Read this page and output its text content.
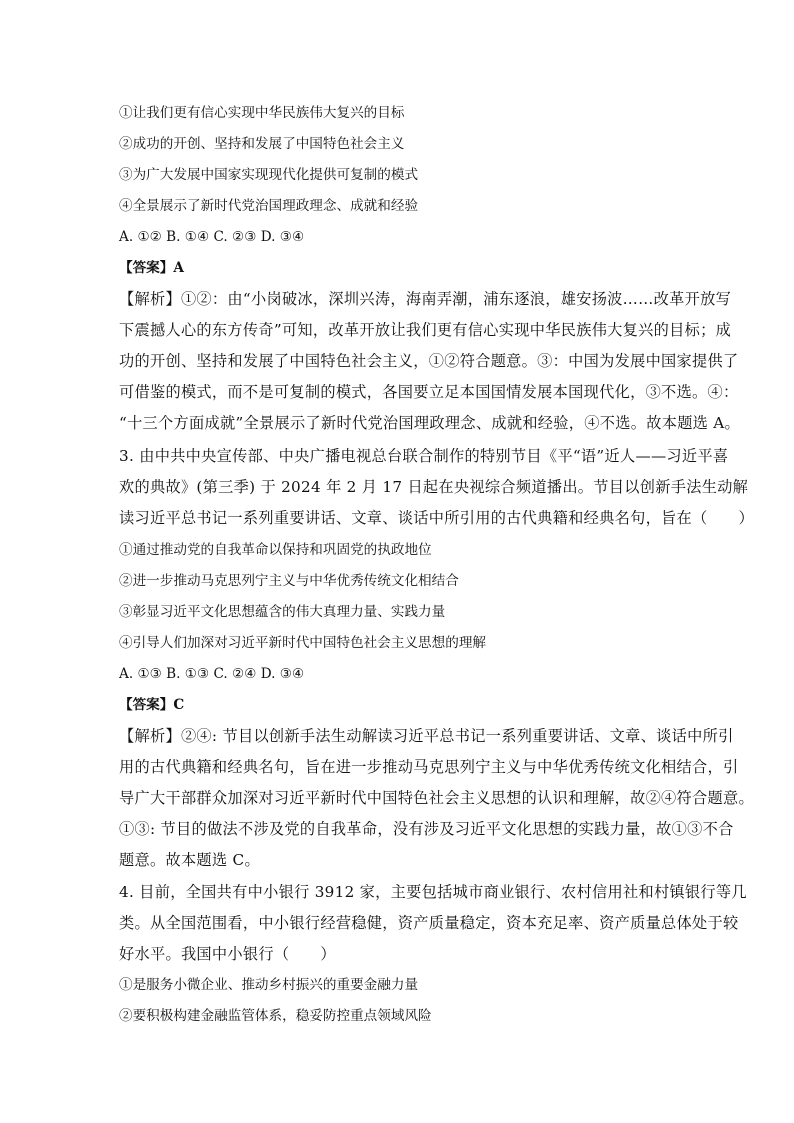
①让我们更有信心实现中华民族伟大复兴的目标
②成功的开创、坚持和发展了中国特色社会主义
③为广大发展中国家实现现代化提供可复制的模式
④全景展示了新时代党治国理政理念、成就和经验
A. ①② B. ①④ C. ②③ D. ③④
【答案】A
【解析】①②：由“小岗破冰，深圳兴涛，海南弄潮，浦东逐浪，雄安扬波……改革开放写
下震撼人心的东方传奇”可知，改革开放让我们更有信心实现中华民族伟大复兴的目标；成
功的开创、坚持和发展了中国特色社会主义，①②符合题意。③：中国为发展中国家提供了
可借鉴的模式，而不是可复制的模式，各国要立足本国国情发展本国现代化，③不选。④：
“十三个方面成就”全景展示了新时代党治国理政理念、成就和经验，④不选。故本题选 A。
3. 由中共中央宣传部、中央广播电视总台联合制作的特别节目《平“语”近人——习近平喜
欢的典故》(第三季) 于 2024 年 2 月 17 日起在央视综合频道播出。节目以创新手法生动解
读习近平总书记一系列重要讲话、文章、谈话中所引用的古代典籍和经典名句，旨在（　　）
①通过推动党的自我革命以保持和巩固党的执政地位
②进一步推动马克思列宁主义与中华优秀传统文化相结合
③彰显习近平文化思想蕴含的伟大真理力量、实践力量
④引导人们加深对习近平新时代中国特色社会主义思想的理解
A. ①③ B. ①③ C. ②④ D. ③④
【答案】C
【解析】②④: 节目以创新手法生动解读习近平总书记一系列重要讲话、文章、谈话中所引
用的古代典籍和经典名句，旨在进一步推动马克思列宁主义与中华优秀传统文化相结合，引
导广大干部群众加深对习近平新时代中国特色社会主义思想的认识和理解，故②④符合题意。
①③: 节目的做法不涉及党的自我革命，没有涉及习近平文化思想的实践力量，故①③不合
题意。故本题选 C。
4. 目前，全国共有中小银行 3912 家，主要包括城市商业银行、农村信用社和村镇银行等几
类。从全国范围看，中小银行经营稳健，资产质量稳定，资本充足率、资产质量总体处于较
好水平。我国中小银行（　　）
①是服务小微企业、推动乡村振兴的重要金融力量
②要积极构建金融监管体系，稳妥防控重点领域风险
